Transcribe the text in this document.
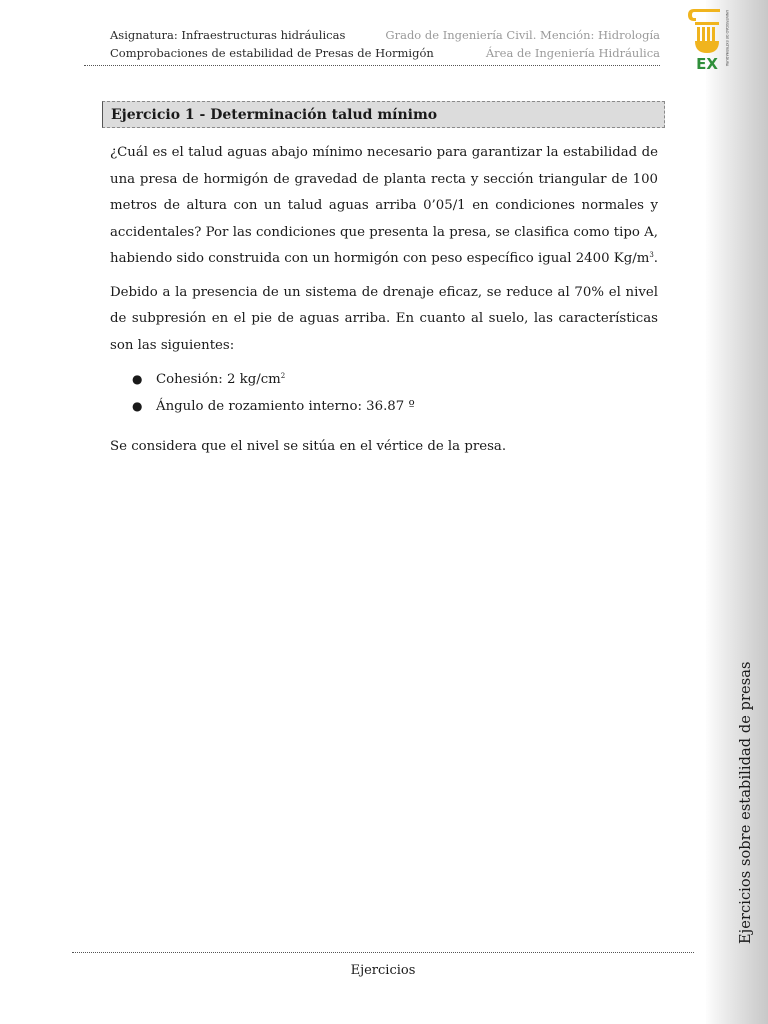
Asignatura: Infraestructuras hidráulicas	Grado de Ingeniería Civil. Mención: Hidrología
Comprobaciones de estabilidad de Presas de Hormigón	Área de Ingeniería Hidráulica
EX UNIVERSIDAD DE EXTREMADURA
Ejercicio 1 - Determinación talud mínimo

¿Cuál es el talud aguas abajo mínimo necesario para garantizar la estabilidad de una presa de hormigón de gravedad de planta recta y sección triangular de 100 metros de altura con un talud aguas arriba 0’05/1 en condiciones normales y accidentales? Por las condiciones que presenta la presa, se clasifica como tipo A, habiendo sido construida con un hormigón con peso específico igual 2400 $Kg/m^3$.

Debido a la presencia de un sistema de drenaje eficaz, se reduce al 70% el nivel de subpresión en el pie de aguas arriba. En cuanto al suelo, las características son las siguientes:

● Cohesión: 2 $kg/cm^2$
● Ángulo de rozamiento interno: 36.87 º

Se considera que el nivel se sitúa en el vértice de la presa.

Ejercicios sobre estabilidad de presas
Ejercicios
